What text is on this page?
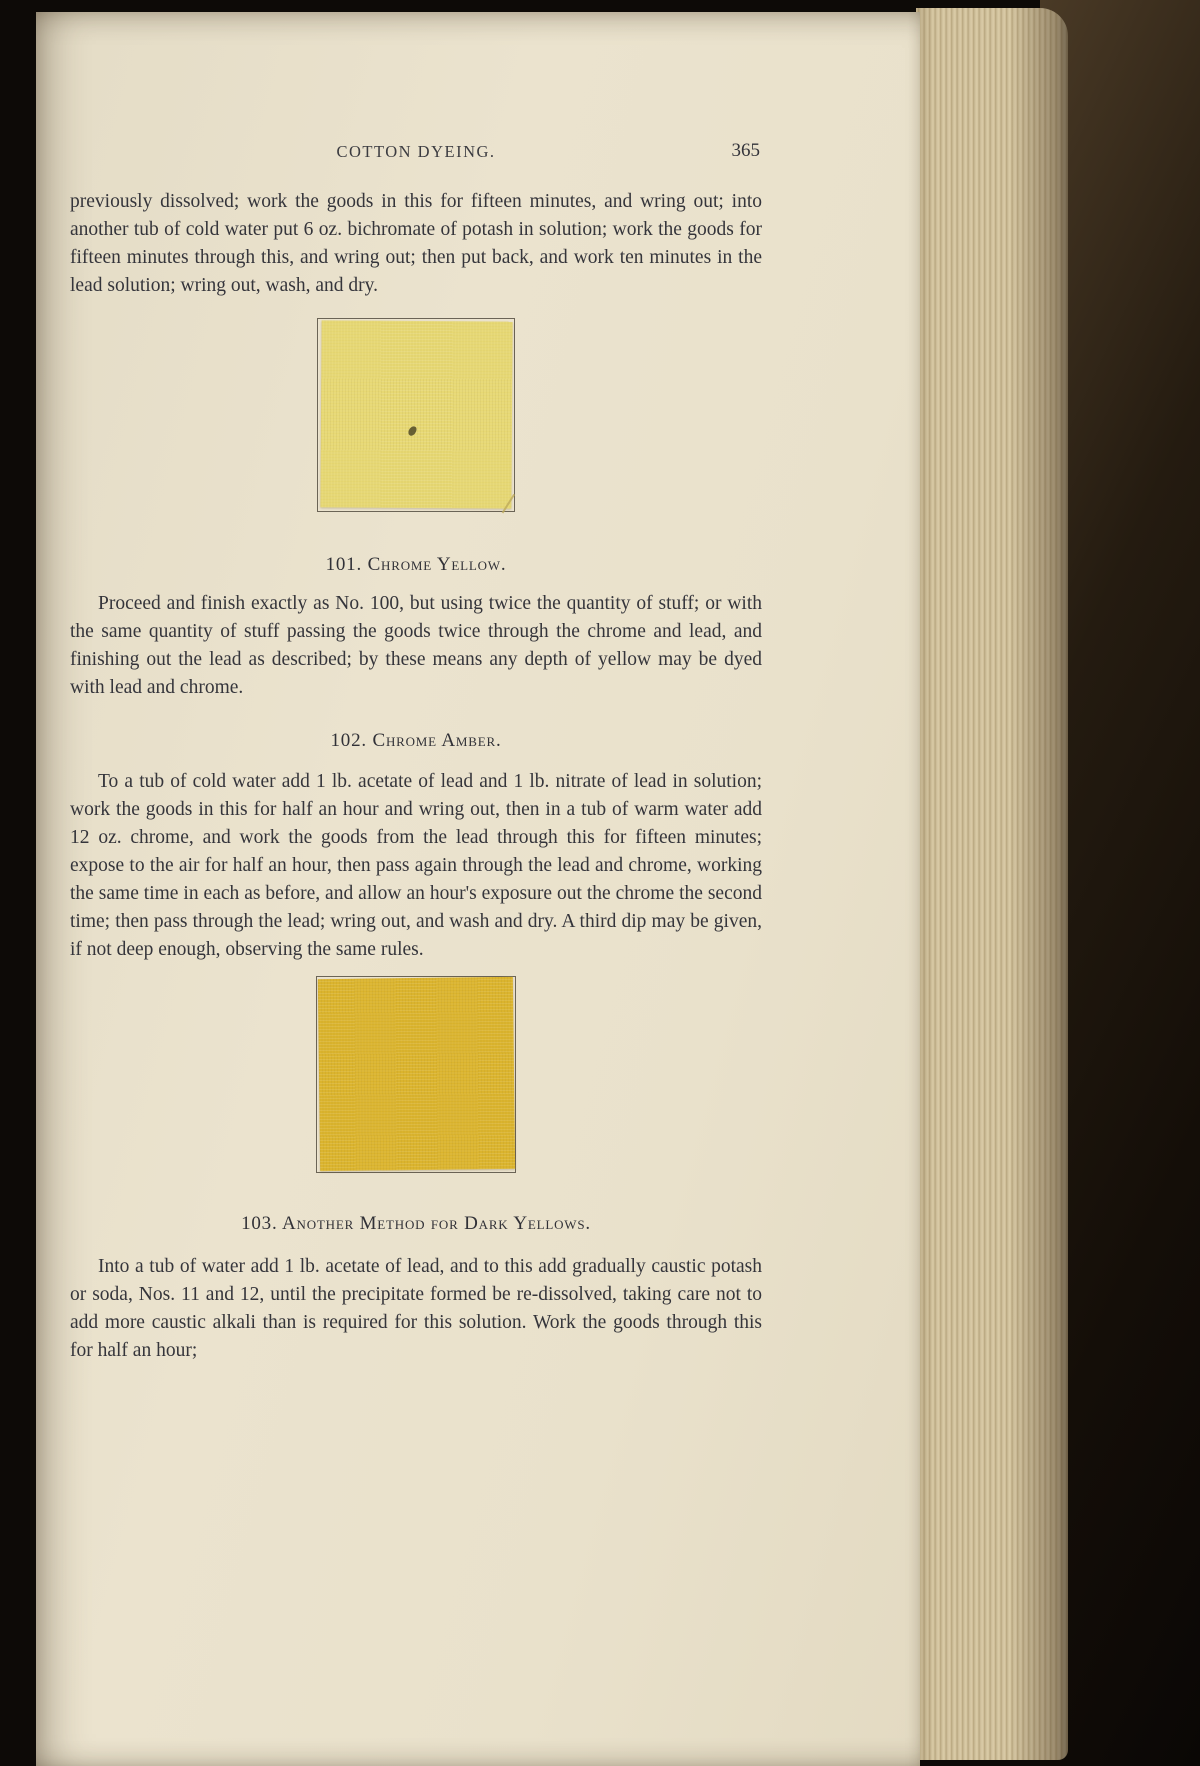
COTTON DYEING.	365

previously dissolved; work the goods in this for fifteen minutes, and wring out; into another tub of cold water put 6 oz. bichromate of potash in solution; work the goods for fifteen minutes through this, and wring out; then put back, and work ten minutes in the lead solution; wring out, wash, and dry.

101. Chrome Yellow.

Proceed and finish exactly as No. 100, but using twice the quantity of stuff; or with the same quantity of stuff passing the goods twice through the chrome and lead, and finishing out the lead as described; by these means any depth of yellow may be dyed with lead and chrome.

102. Chrome Amber.

To a tub of cold water add 1 lb. acetate of lead and 1 lb. nitrate of lead in solution; work the goods in this for half an hour and wring out, then in a tub of warm water add 12 oz. chrome, and work the goods from the lead through this for fifteen minutes; expose to the air for half an hour, then pass again through the lead and chrome, working the same time in each as before, and allow an hour's exposure out the chrome the second time; then pass through the lead; wring out, and wash and dry. A third dip may be given, if not deep enough, observing the same rules.

103. Another Method for Dark Yellows.

Into a tub of water add 1 lb. acetate of lead, and to this add gradually caustic potash or soda, Nos. 11 and 12, until the precipitate formed be re-dissolved, taking care not to add more caustic alkali than is required for this solution. Work the goods through this for half an hour;
